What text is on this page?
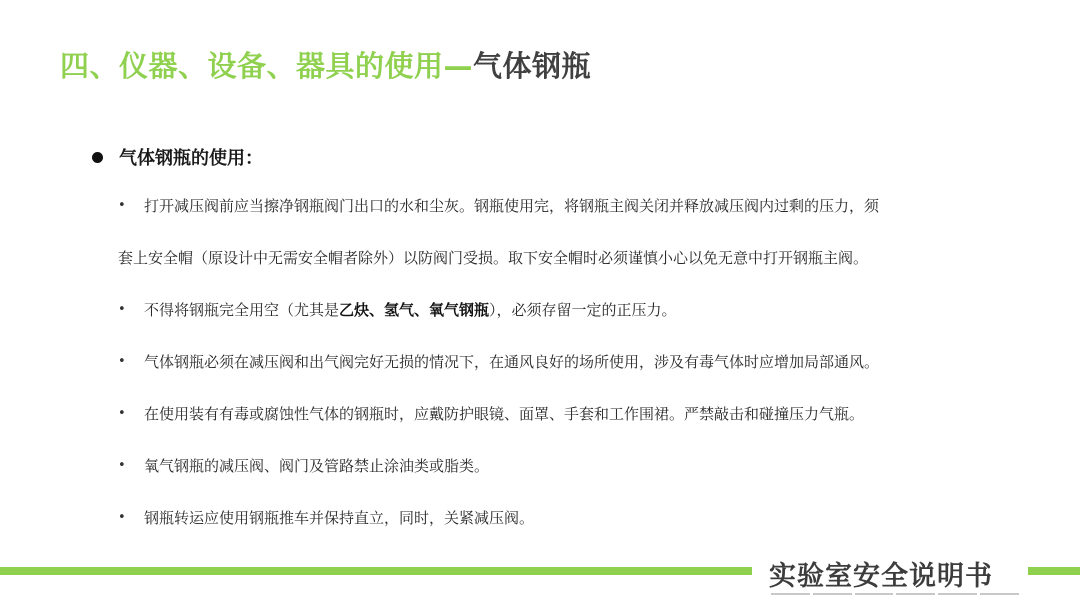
四、仪器、设备、器具的使用—气体钢瓶
气体钢瓶的使用：
• 打开减压阀前应当擦净钢瓶阀门出口的水和尘灰。钢瓶使用完，将钢瓶主阀关闭并释放减压阀内过剩的压力，须
套上安全帽（原设计中无需安全帽者除外）以防阀门受损。取下安全帽时必须谨慎小心以免无意中打开钢瓶主阀。
• 不得将钢瓶完全用空（尤其是乙炔、氢气、氧气钢瓶），必须存留一定的正压力。
• 气体钢瓶必须在减压阀和出气阀完好无损的情况下，在通风良好的场所使用，涉及有毒气体时应增加局部通风。
• 在使用装有有毒或腐蚀性气体的钢瓶时，应戴防护眼镜、面罩、手套和工作围裙。严禁敲击和碰撞压力气瓶。
• 氧气钢瓶的减压阀、阀门及管路禁止涂油类或脂类。
• 钢瓶转运应使用钢瓶推车并保持直立，同时，关紧减压阀。
实验室安全说明书
